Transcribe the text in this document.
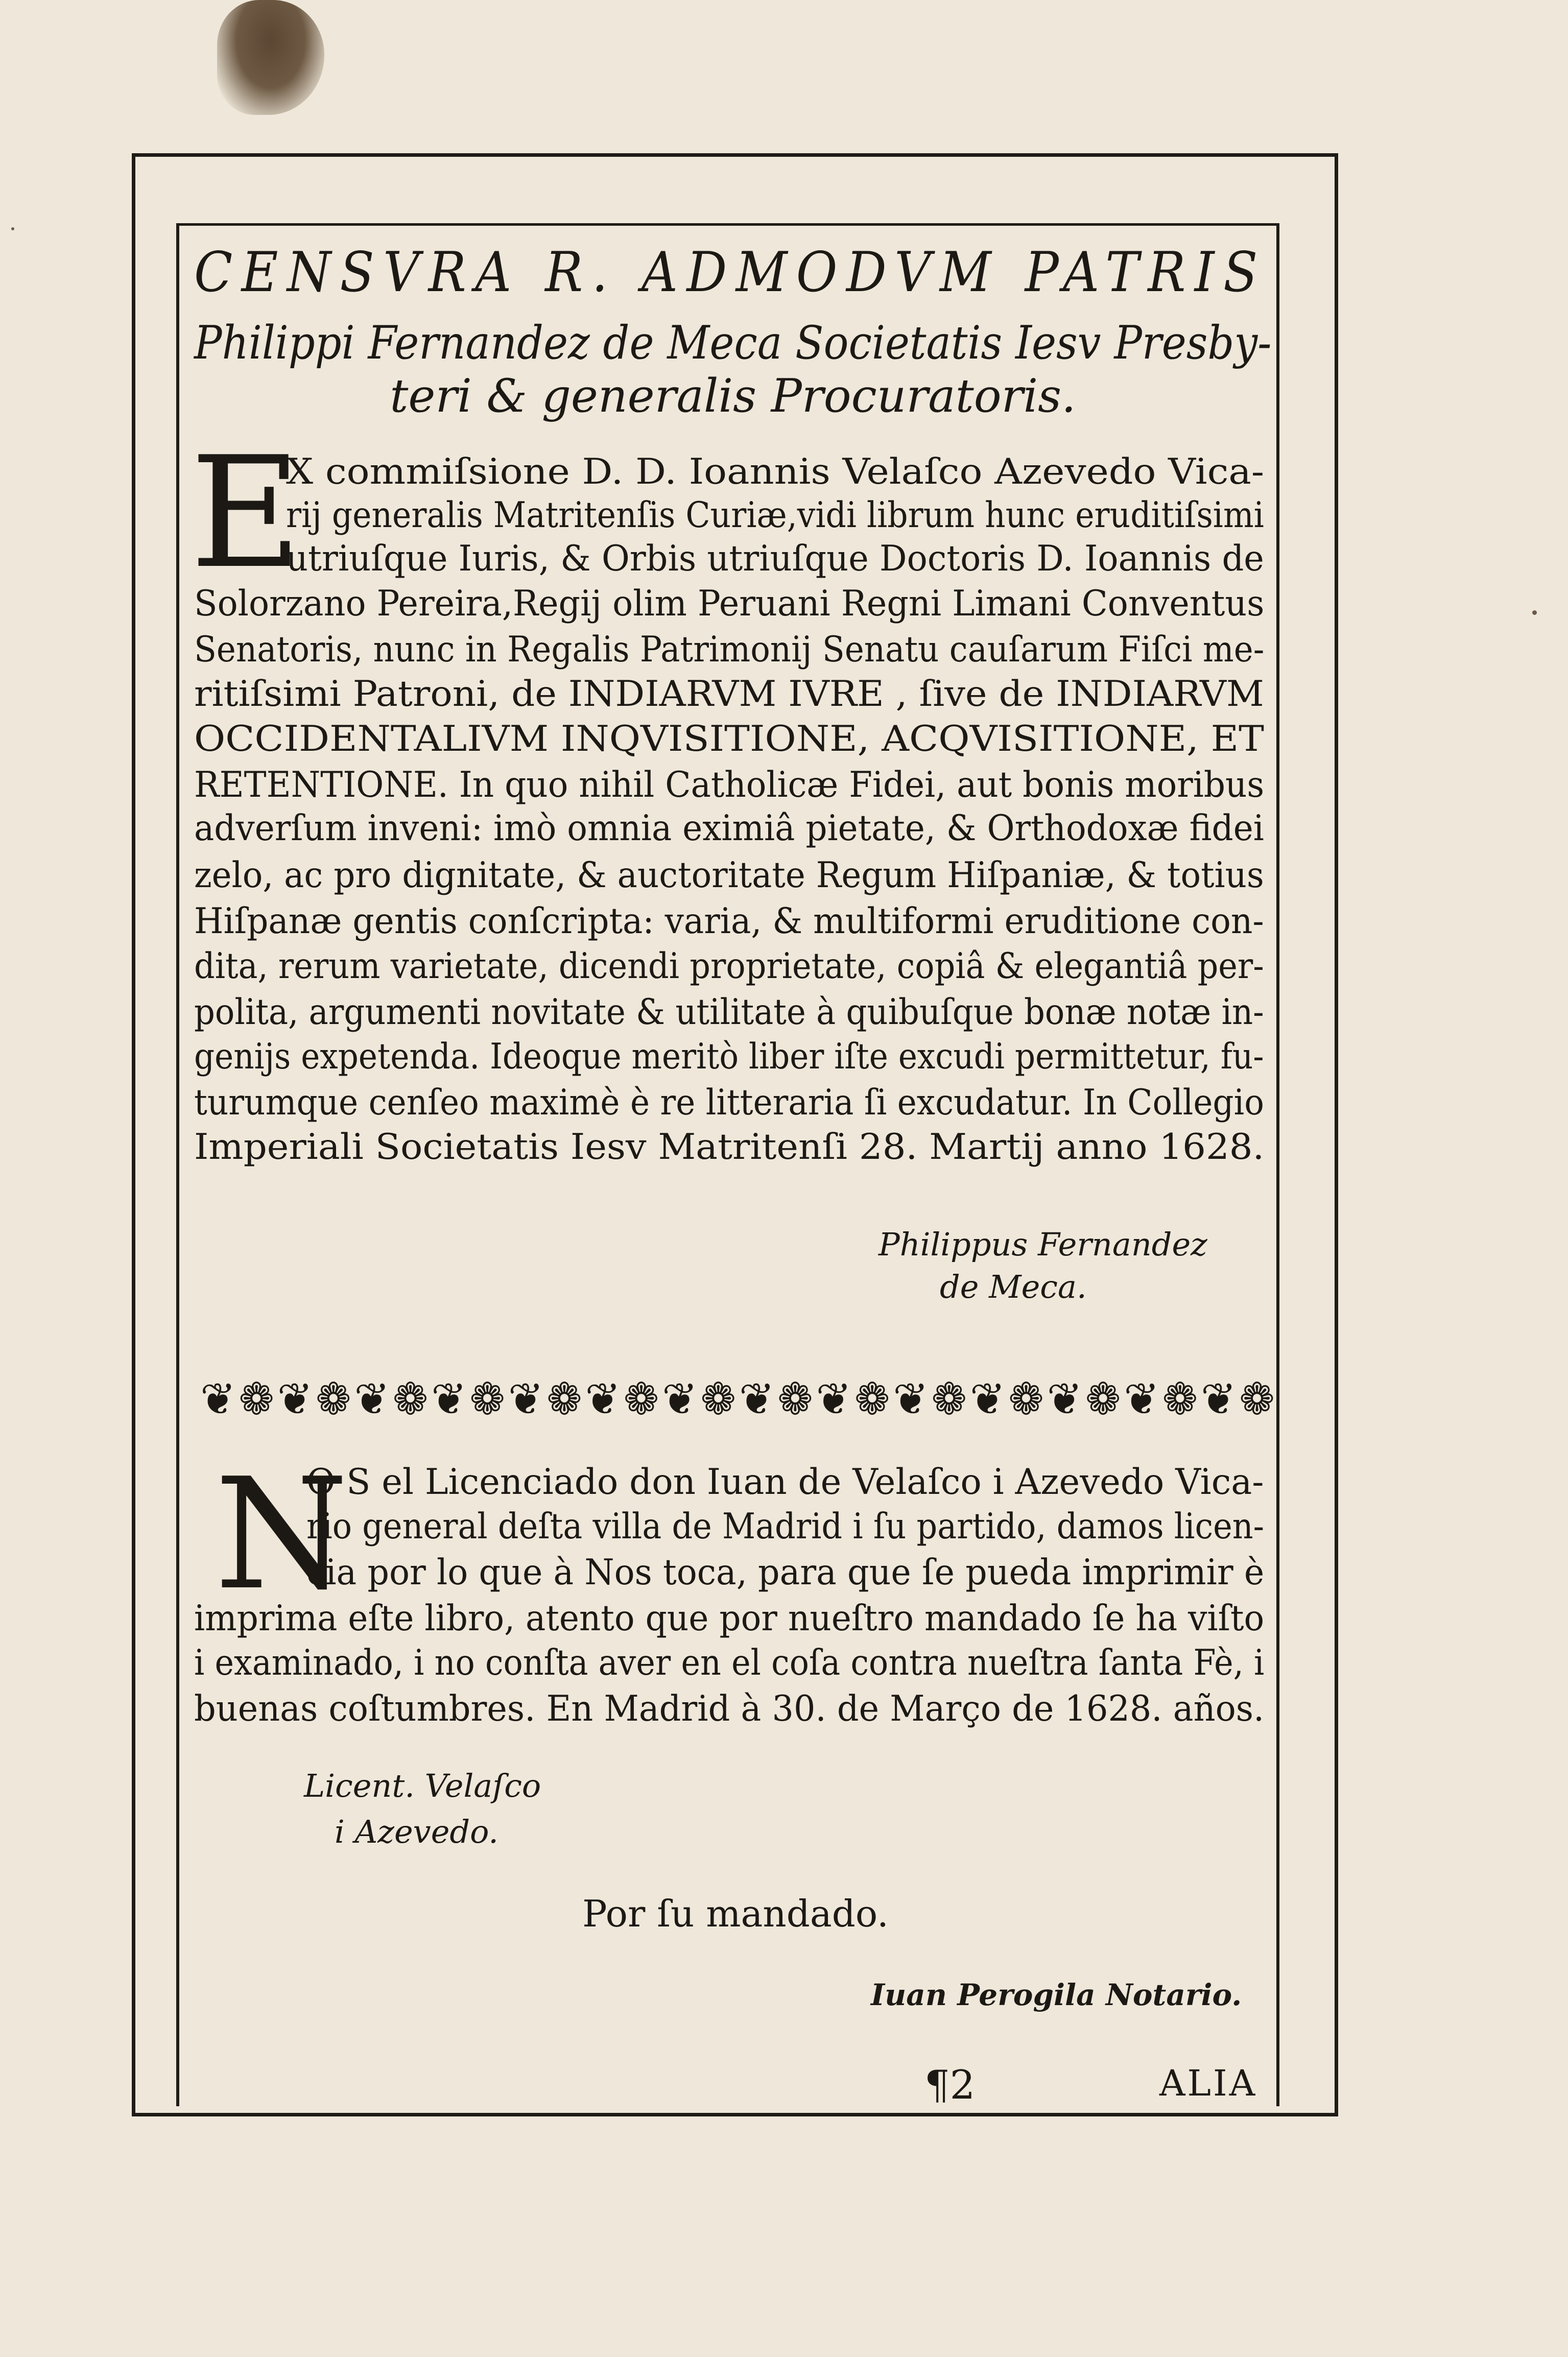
CENSVRA R. ADMODVM PATRIS
Philippi Fernandez de Meca Societatis Iesv Presby-
teri & generalis Procuratoris.
E
X commiſsione D. D. Ioannis Velaſco Azevedo Vica-
rij generalis Matritenſis Curiæ,vidi librum hunc eruditiſsimi
utriuſque Iuris, & Orbis utriuſque Doctoris D. Ioannis de
Solorzano Pereira,Regij olim Peruani Regni Limani Conventus
Senatoris, nunc in Regalis Patrimonij Senatu cauſarum Fiſci me-
ritiſsimi Patroni, de INDIARVM IVRE , ſive de INDIARVM
OCCIDENTALIVM INQVISITIONE, ACQVISITIONE, ET
RETENTIONE. In quo nihil Catholicæ Fidei, aut bonis moribus
adverſum inveni: imò omnia eximiâ pietate, & Orthodoxæ fidei
zelo, ac pro dignitate, & auctoritate Regum Hiſpaniæ, & totius
Hiſpanæ gentis conſcripta: varia, & multiformi eruditione con-
dita, rerum varietate, dicendi proprietate, copiâ & elegantiâ per-
polita, argumenti novitate & utilitate à quibuſque bonæ notæ in-
genijs expetenda. Ideoque meritò liber iſte excudi permittetur, fu-
turumque cenſeo maximè è re litteraria ſi excudatur. In Collegio
Imperiali Societatis Iesv Matritenſi 28. Martij anno 1628.
Philippus Fernandez
de Meca.
❦❁❦❁❦❁❦❁❦❁❦❁❦❁❦❁❦❁❦❁❦❁❦❁❦❁❦❁
N
O S el Licenciado don Iuan de Velaſco i Azevedo Vica-
rio general deſta villa de Madrid i ſu partido, damos licen-
cia por lo que à Nos toca, para que ſe pueda imprimir è
imprima eſte libro, atento que por nueſtro mandado ſe ha viſto
i examinado, i no conſta aver en el coſa contra nueſtra ſanta Fè, i
buenas coſtumbres. En Madrid à 30. de Março de 1628. años.
Licent. Velaſco
i Azevedo.
Por ſu mandado.
Iuan Perogila Notario.
¶2	ALIA
